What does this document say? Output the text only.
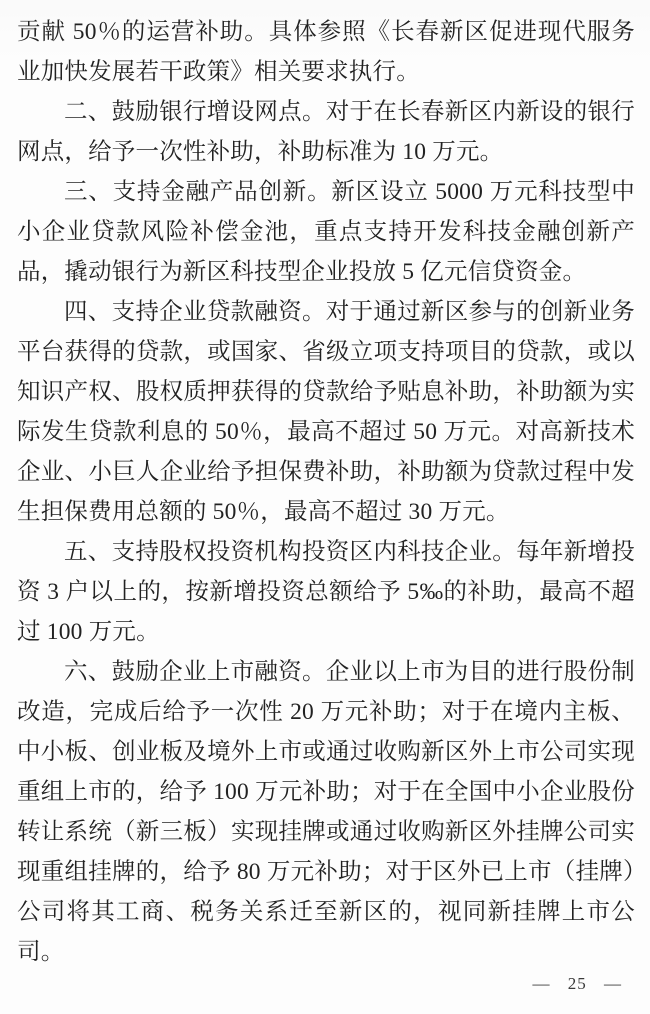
贡献 50％的运营补助。具体参照《长春新区促进现代服务业加快发展若干政策》相关要求执行。

二、鼓励银行增设网点。对于在长春新区内新设的银行网点，给予一次性补助，补助标准为 10 万元。

三、支持金融产品创新。新区设立 5000 万元科技型中小企业贷款风险补偿金池，重点支持开发科技金融创新产品，撬动银行为新区科技型企业投放 5 亿元信贷资金。

四、支持企业贷款融资。对于通过新区参与的创新业务平台获得的贷款，或国家、省级立项支持项目的贷款，或以知识产权、股权质押获得的贷款给予贴息补助，补助额为实际发生贷款利息的 50％，最高不超过 50 万元。对高新技术企业、小巨人企业给予担保费补助，补助额为贷款过程中发生担保费用总额的 50％，最高不超过 30 万元。

五、支持股权投资机构投资区内科技企业。每年新增投资 3 户以上的，按新增投资总额给予 5‰的补助，最高不超过 100 万元。

六、鼓励企业上市融资。企业以上市为目的进行股份制改造，完成后给予一次性 20 万元补助；对于在境内主板、中小板、创业板及境外上市或通过收购新区外上市公司实现重组上市的，给予 100 万元补助；对于在全国中小企业股份转让系统（新三板）实现挂牌或通过收购新区外挂牌公司实现重组挂牌的，给予 80 万元补助；对于区外已上市（挂牌）公司将其工商、税务关系迁至新区的，视同新挂牌上市公司。

— 25 —
